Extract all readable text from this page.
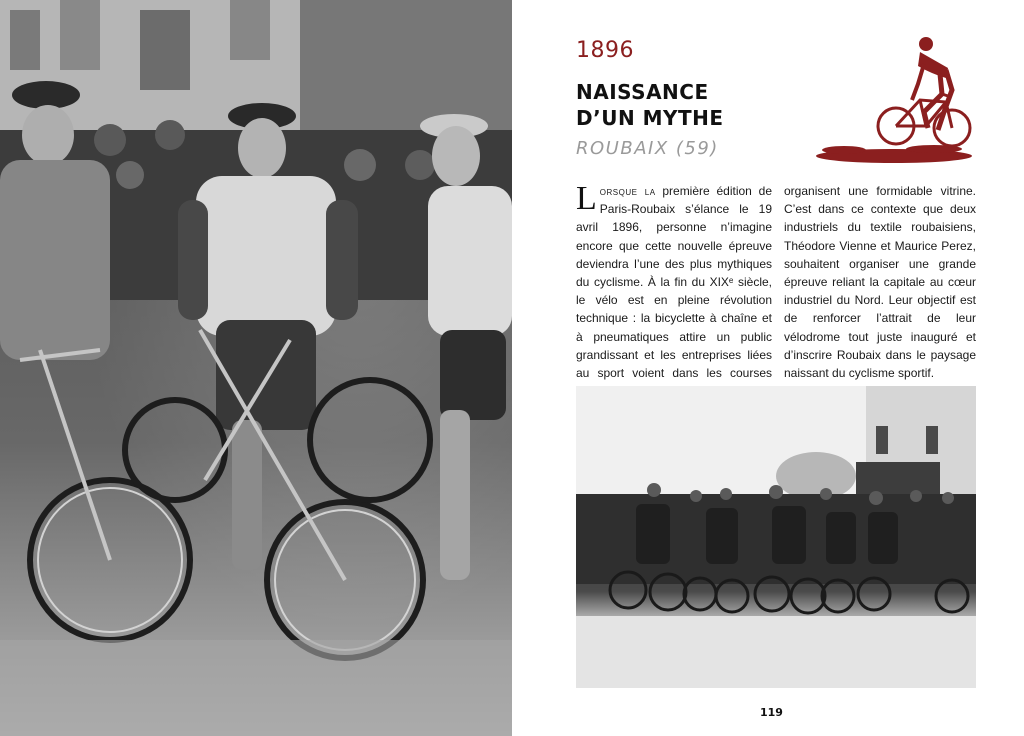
1896
NAISSANCE
D’UN MYTHE
ROUBAIX (59)
Lorsque la première édition de Paris-Roubaix s’élance le 19 avril 1896, personne n’imagine encore que cette nouvelle épreuve deviendra l’une des plus mythiques du cyclisme. À la fin du XIXᵉ siècle, le vélo est en pleine révolution technique : la bicyclette à chaîne et à pneumatiques attire un public grandissant et les entreprises liées au sport voient dans les courses
organisent une formidable vitrine. C’est dans ce contexte que deux industriels du textile roubaisiens, Théodore Vienne et Maurice Perez, souhaitent organiser une grande épreuve reliant la capitale au cœur industriel du Nord. Leur objectif est de renforcer l’attrait de leur vélodrome tout juste inauguré et d’inscrire Roubaix dans le paysage naissant du cyclisme sportif.
119
